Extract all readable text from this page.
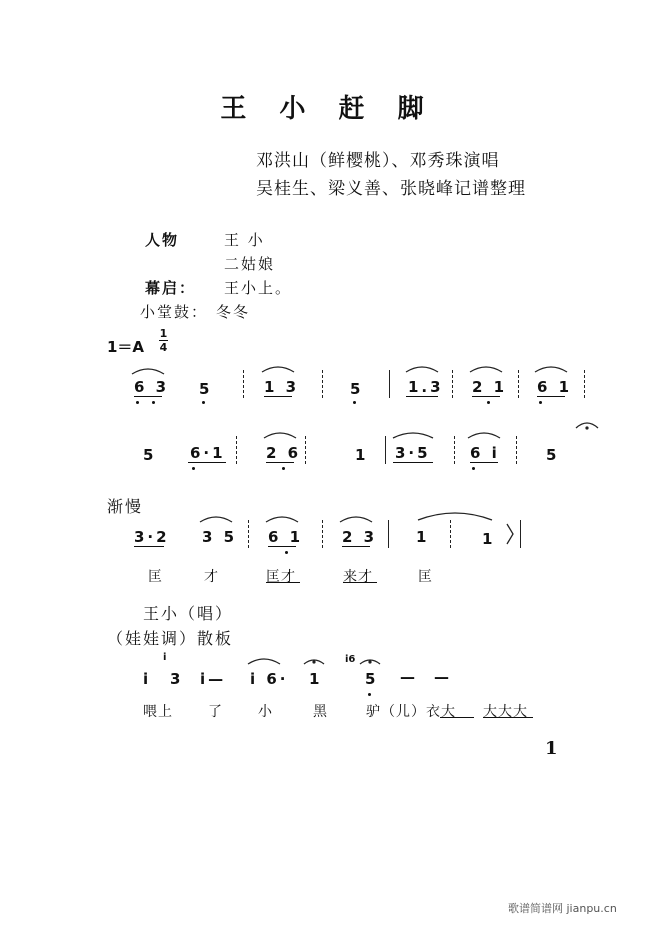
王 小 赶 脚
邓洪山（鲜樱桃）、邓秀珠演唱
吴桂生、梁义善、张晓峰记谱整理
人物	王 小
二姑娘
幕启： 王小上。
小堂鼓： 冬冬
1＝A
1
4
6 3 5	1 3	5	1.3 2 1 6 1
5 6·1	2 6	1 3·5	6 i	5
渐慢
3·2 3 5 6 1	2 3	1	1
匡	才	匡才	来才	匡
王小（唱）
（娃娃调）散板
i 3 i— i 6· 1	5 — —
i	i6
喂上	了	小	黑	驴（儿）衣大 大大大
1
歌谱简谱网 jianpu.cn
